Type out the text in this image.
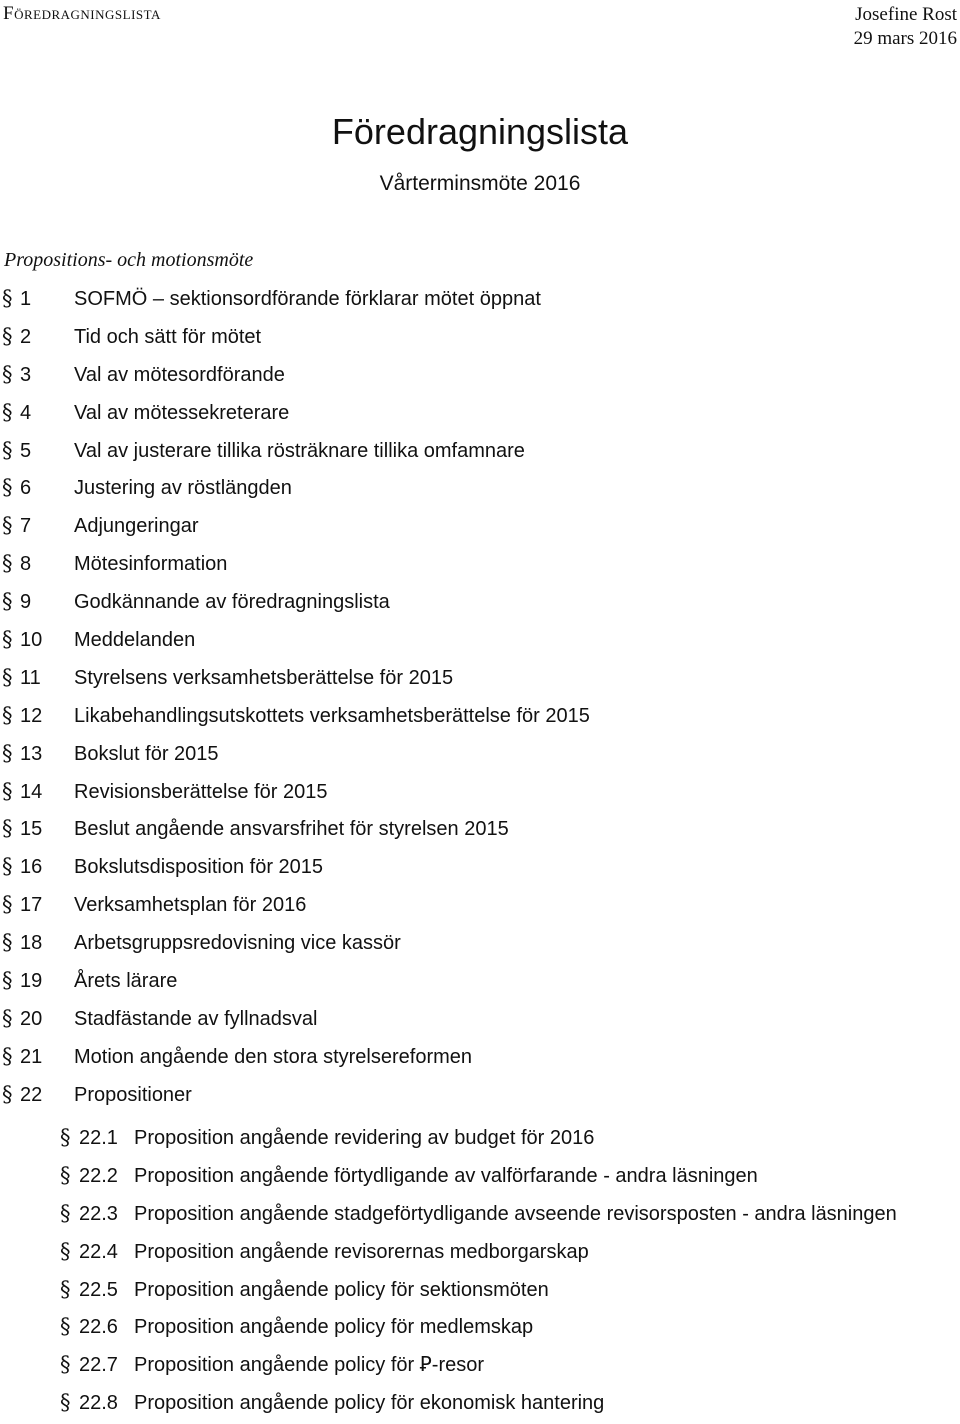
Föredragningslista	Josefine Rost
29 mars 2016
Föredragningslista
Vårterminsmöte 2016
Propositions- och motionsmöte
§ 1 SOFMÖ – sektionsordförande förklarar mötet öppnat
§ 2 Tid och sätt för mötet
§ 3 Val av mötesordförande
§ 4 Val av mötessekreterare
§ 5 Val av justerare tillika rösträknare tillika omfamnare
§ 6 Justering av röstlängden
§ 7 Adjungeringar
§ 8 Mötesinformation
§ 9 Godkännande av föredragningslista
§ 10 Meddelanden
§ 11 Styrelsens verksamhetsberättelse för 2015
§ 12 Likabehandlingsutskottets verksamhetsberättelse för 2015
§ 13 Bokslut för 2015
§ 14 Revisionsberättelse för 2015
§ 15 Beslut angående ansvarsfrihet för styrelsen 2015
§ 16 Bokslutsdisposition för 2015
§ 17 Verksamhetsplan för 2016
§ 18 Arbetsgruppsredovisning vice kassör
§ 19 Årets lärare
§ 20 Stadfästande av fyllnadsval
§ 21 Motion angående den stora styrelsereformen
§ 22 Propositioner
§ 22.1 Proposition angående revidering av budget för 2016
§ 22.2 Proposition angående förtydligande av valförfarande - andra läsningen
§ 22.3 Proposition angående stadgeförtydligande avseende revisorsposten - andra läsningen
§ 22.4 Proposition angående revisorernas medborgarskap
§ 22.5 Proposition angående policy för sektionsmöten
§ 22.6 Proposition angående policy för medlemskap
§ 22.7 Proposition angående policy för Ꝑ-resor
§ 22.8 Proposition angående policy för ekonomisk hantering
